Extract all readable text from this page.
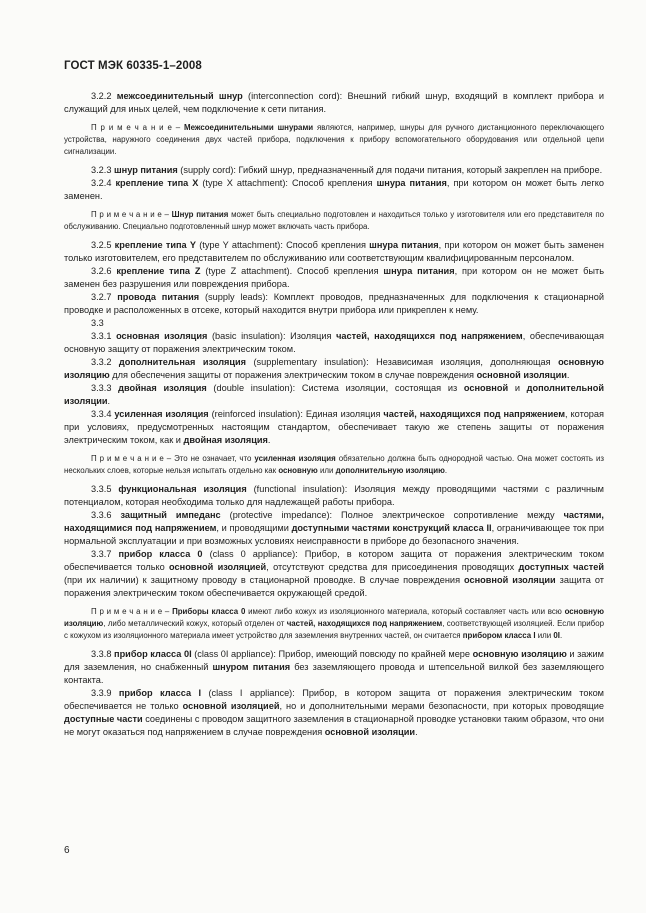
ГОСТ МЭК 60335-1–2008

3.2.2 межсоединительный шнур (interconnection cord): Внешний гибкий шнур, входящий в комплект прибора и служащий для иных целей, чем подключение к сети питания.

П р и м е ч а н и е – Межсоединительными шнурами являются, например, шнуры для ручного дистанционного переключающего устройства, наружного соединения двух частей прибора, подключения к прибору вспомогательного оборудования или отдельной цепи сигнализации.

3.2.3 шнур питания (supply cord): Гибкий шнур, предназначенный для подачи питания, который закреплен на приборе.

3.2.4 крепление типа X (type X attachment): Способ крепления шнура питания, при котором он может быть легко заменен.

П р и м е ч а н и е – Шнур питания может быть специально подготовлен и находиться только у изготовителя или его представителя по обслуживанию. Специально подготовленный шнур может включать часть прибора.

3.2.5 крепление типа Y (type Y attachment): Способ крепления шнура питания, при котором он может быть заменен только изготовителем, его представителем по обслуживанию или соответствующим квалифицированным персоналом.

3.2.6 крепление типа Z (type Z attachment). Способ крепления шнура питания, при котором он не может быть заменен без разрушения или повреждения прибора.

3.2.7 провода питания (supply leads): Комплект проводов, предназначенных для подключения к стационарной проводке и расположенных в отсеке, который находится внутри прибора или прикреплен к нему.

3.3

3.3.1 основная изоляция (basic insulation): Изоляция частей, находящихся под напряжением, обеспечивающая основную защиту от поражения электрическим током.

3.3.2 дополнительная изоляция (supplementary insulation): Независимая изоляция, дополняющая основную изоляцию для обеспечения защиты от поражения электрическим током в случае повреждения основной изоляции.

3.3.3 двойная изоляция (double insulation): Система изоляции, состоящая из основной и дополнительной изоляции.

3.3.4 усиленная изоляция (reinforced insulation): Единая изоляция частей, находящихся под напряжением, которая при условиях, предусмотренных настоящим стандартом, обеспечивает такую же степень защиты от поражения электрическим током, как и двойная изоляция.

П р и м е ч а н и е – Это не означает, что усиленная изоляция обязательно должна быть однородной частью. Она может состоять из нескольких слоев, которые нельзя испытать отдельно как основную или дополнительную изоляцию.

3.3.5 функциональная изоляция (functional insulation): Изоляция между проводящими частями с различным потенциалом, которая необходима только для надлежащей работы прибора.

3.3.6 защитный импеданс (protective impedance): Полное электрическое сопротивление между частями, находящимися под напряжением, и проводящими доступными частями конструкций класса II, ограничивающее ток при нормальной эксплуатации и при возможных условиях неисправности в приборе до безопасного значения.

3.3.7 прибор класса 0 (class 0 appliance): Прибор, в котором защита от поражения электрическим током обеспечивается только основной изоляцией, отсутствуют средства для присоединения проводящих доступных частей (при их наличии) к защитному проводу в стационарной проводке. В случае повреждения основной изоляции защита от поражения электрическим током обеспечивается окружающей средой.

П р и м е ч а н и е – Приборы класса 0 имеют либо кожух из изоляционного материала, который составляет часть или всю основную изоляцию, либо металлический кожух, который отделен от частей, находящихся под напряжением, соответствующей изоляцией. Если прибор с кожухом из изоляционного материала имеет устройство для заземления внутренних частей, он считается прибором класса I или 0I.

3.3.8 прибор класса 0I (class 0I appliance): Прибор, имеющий повсюду по крайней мере основную изоляцию и зажим для заземления, но снабженный шнуром питания без заземляющего провода и штепсельной вилкой без заземляющего контакта.

3.3.9 прибор класса I (class I appliance): Прибор, в котором защита от поражения электрическим током обеспечивается не только основной изоляцией, но и дополнительными мерами безопасности, при которых проводящие доступные части соединены с проводом защитного заземления в стационарной проводке установки таким образом, что они не могут оказаться под напряжением в случае повреждения основной изоляции.

6
